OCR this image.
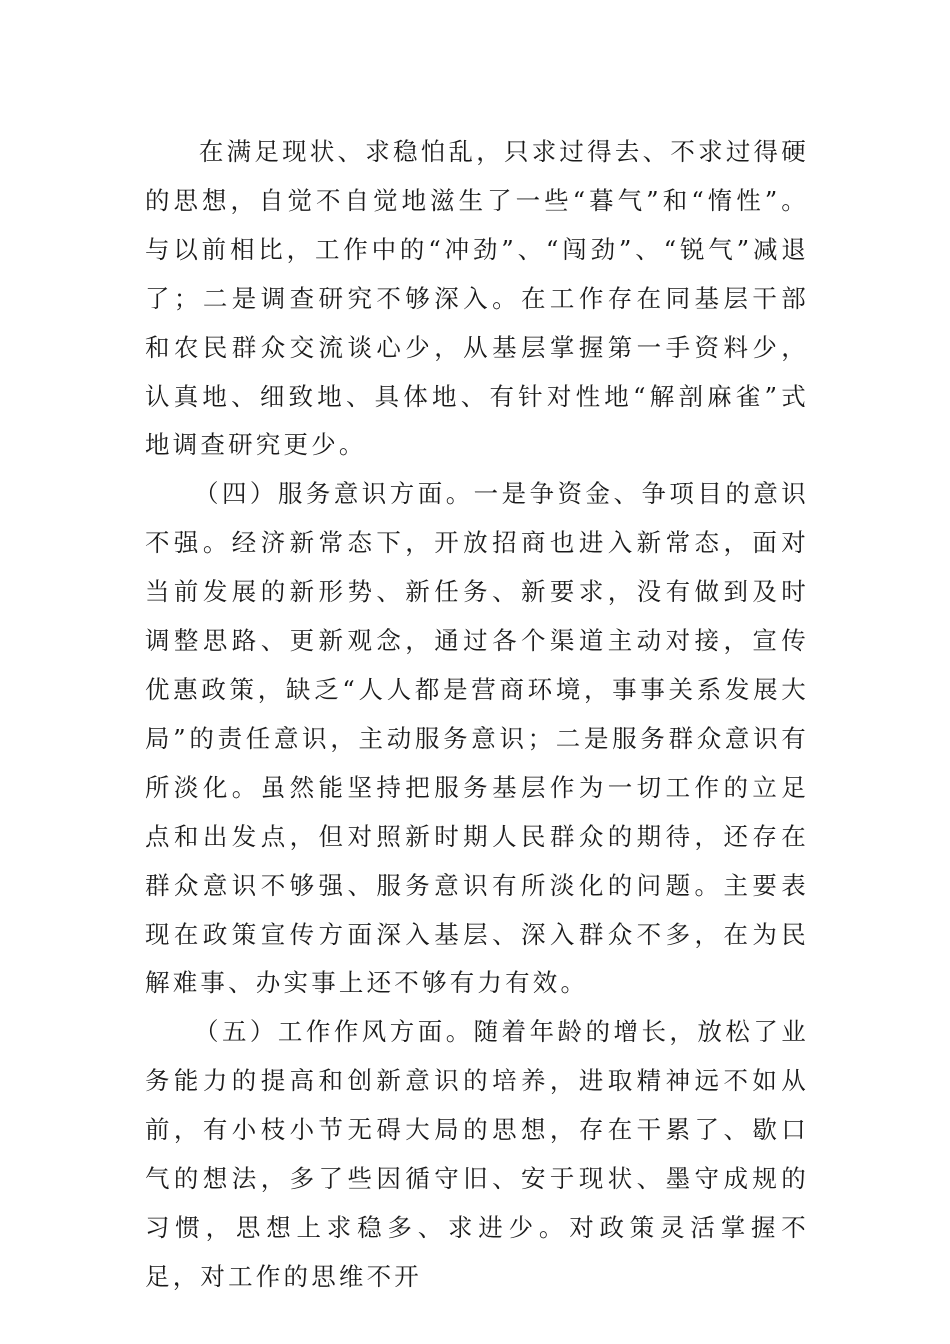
在满足现状、求稳怕乱，只求过得去、不求过得硬的思想，自觉不自觉地滋生了一些“暮气”和“惰性”。与以前相比，工作中的“冲劲”、“闯劲”、“锐气”减退了；二是调查研究不够深入。在工作存在同基层干部和农民群众交流谈心少，从基层掌握第一手资料少，认真地、细致地、具体地、有针对性地“解剖麻雀”式地调查研究更少。

（四）服务意识方面。一是争资金、争项目的意识不强。经济新常态下，开放招商也进入新常态，面对当前发展的新形势、新任务、新要求，没有做到及时调整思路、更新观念，通过各个渠道主动对接，宣传优惠政策，缺乏“人人都是营商环境，事事关系发展大局”的责任意识，主动服务意识；二是服务群众意识有所淡化。虽然能坚持把服务基层作为一切工作的立足点和出发点，但对照新时期人民群众的期待，还存在群众意识不够强、服务意识有所淡化的问题。主要表现在政策宣传方面深入基层、深入群众不多，在为民解难事、办实事上还不够有力有效。

（五）工作作风方面。随着年龄的增长，放松了业务能力的提高和创新意识的培养，进取精神远不如从前，有小枝小节无碍大局的思想，存在干累了、歇口气的想法，多了些因循守旧、安于现状、墨守成规的习惯，思想上求稳多、求进少。对政策灵活掌握不足，对工作的思维不开
